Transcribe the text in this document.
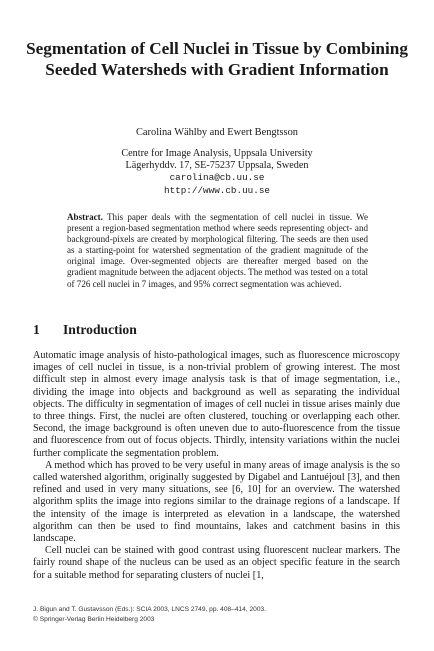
Segmentation of Cell Nuclei in Tissue by Combining Seeded Watersheds with Gradient Information
Carolina Wählby and Ewert Bengtsson
Centre for Image Analysis, Uppsala University
Lägerhyddv. 17, SE-75237 Uppsala, Sweden
carolina@cb.uu.se
http://www.cb.uu.se
Abstract. This paper deals with the segmentation of cell nuclei in tissue. We present a region-based segmentation method where seeds representing object- and background-pixels are created by morphological filtering. The seeds are then used as a starting-point for watershed segmentation of the gradient magnitude of the original image. Over-segmented objects are thereafter merged based on the gradient magnitude between the adjacent objects. The method was tested on a total of 726 cell nuclei in 7 images, and 95% correct segmentation was achieved.
1 Introduction

Automatic image analysis of histo-pathological images, such as fluorescence microscopy images of cell nuclei in tissue, is a non-trivial problem of growing interest. The most difficult step in almost every image analysis task is that of image segmentation, i.e., dividing the image into objects and background as well as separating the individual objects. The difficulty in segmentation of images of cell nuclei in tissue arises mainly due to three things. First, the nuclei are often clustered, touching or overlapping each other. Second, the image background is often uneven due to auto-fluorescence from the tissue and fluorescence from out of focus objects. Thirdly, intensity variations within the nuclei further complicate the segmentation problem.

A method which has proved to be very useful in many areas of image analysis is the so called watershed algorithm, originally suggested by Digabel and Lantuéjoul [3], and then refined and used in very many situations, see [6, 10] for an overview. The watershed algorithm splits the image into regions similar to the drainage regions of a landscape. If the intensity of the image is interpreted as elevation in a landscape, the watershed algorithm can then be used to find mountains, lakes and catchment basins in this landscape.

Cell nuclei can be stained with good contrast using fluorescent nuclear markers. The fairly round shape of the nucleus can be used as an object specific feature in the search for a suitable method for separating clusters of nuclei [1,

J. Bigun and T. Gustavsson (Eds.): SCIA 2003, LNCS 2749, pp. 408–414, 2003.
© Springer-Verlag Berlin Heidelberg 2003
